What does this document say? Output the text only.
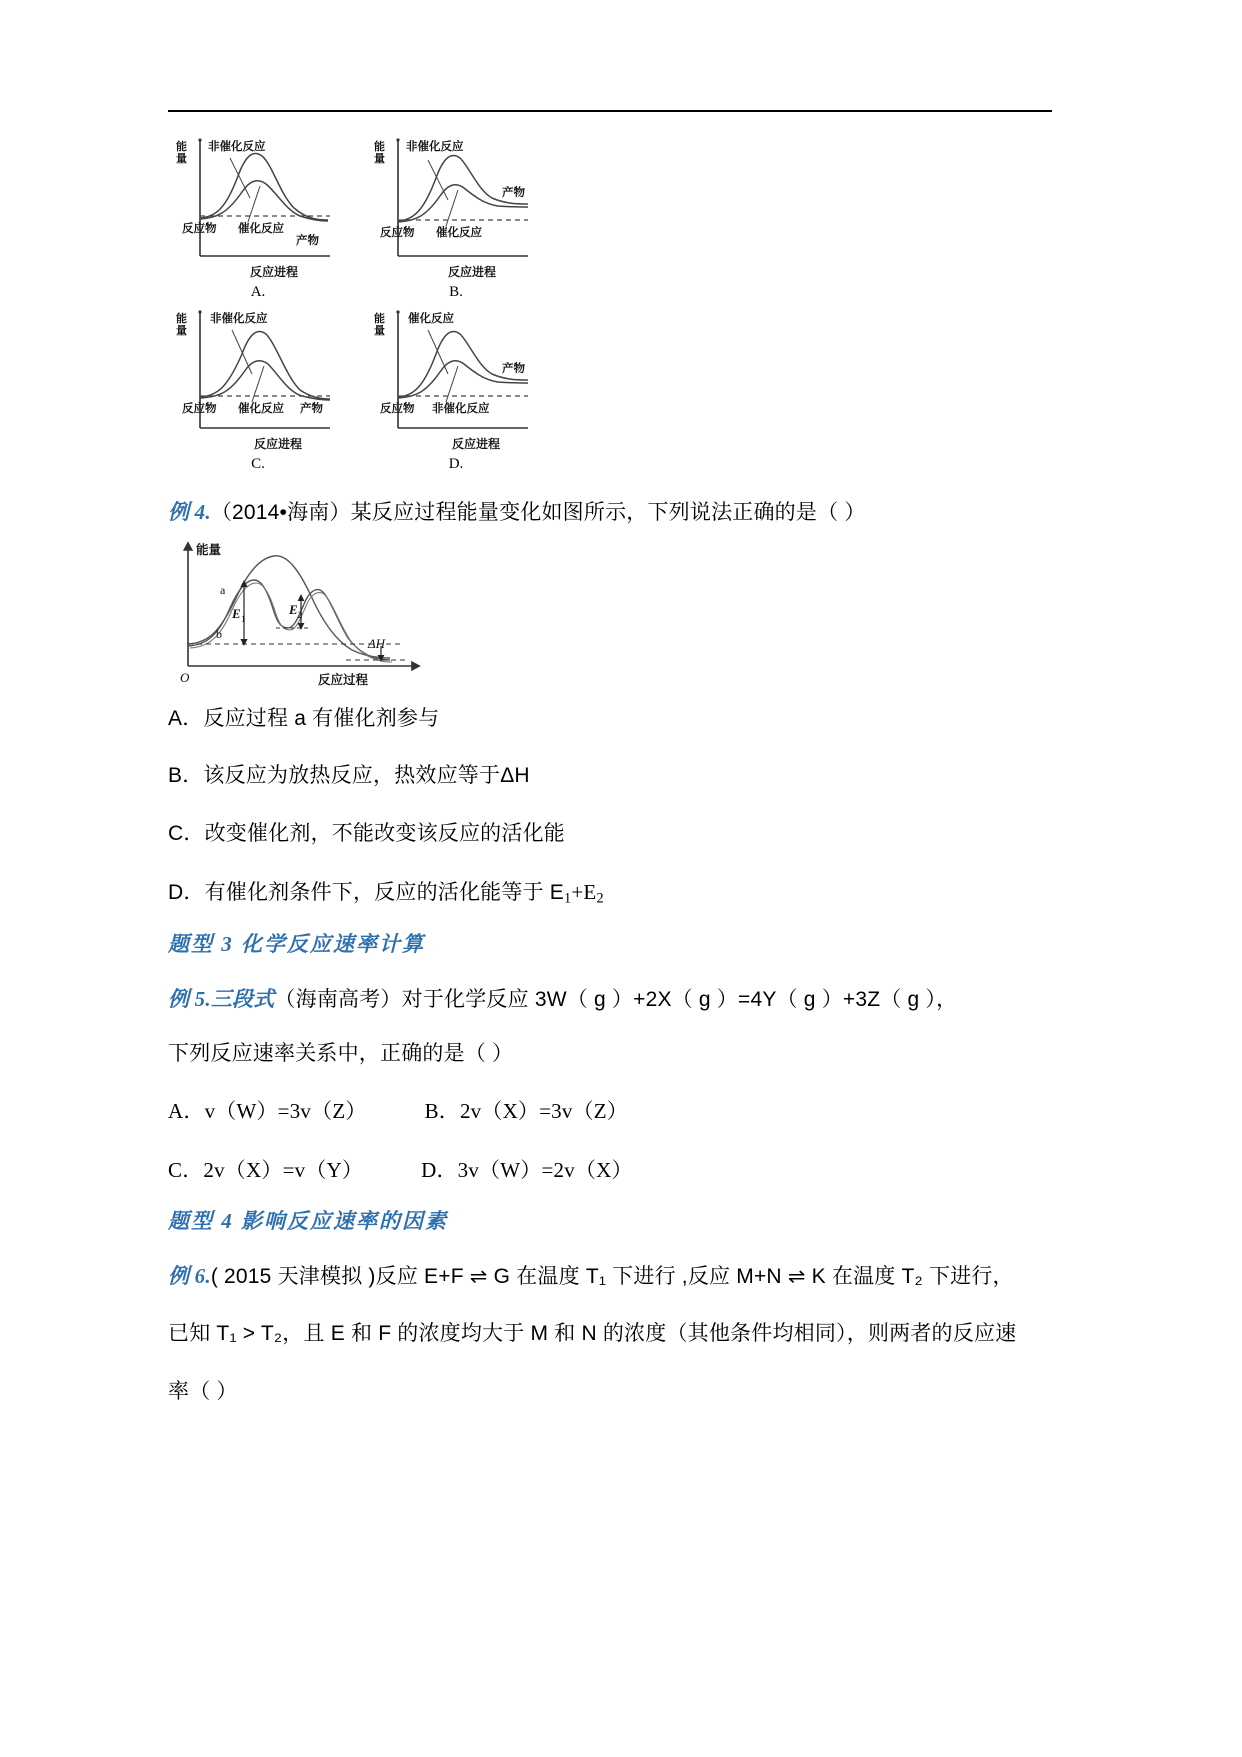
能
量
非催化反应
反应物 催化反应
产物
反应进程
A.
能
量
非催化反应
反应物 催化反应
产物
反应进程
B.
能
量
非催化反应
反应物 催化反应 产物
反应进程
C.
能
量
催化反应
反应物 非催化反应
产物
反应进程
D.
例 4.（2014•海南）某反应过程能量变化如图所示，下列说法正确的是（ ）
能量
a
b
E 1
E 2
ΔH
O	反应过程
A．反应过程 a 有催化剂参与
B．该反应为放热反应，热效应等于ΔH
C．改变催化剂，不能改变该反应的活化能
D．有催化剂条件下，反应的活化能等于 E1+E2
题型 3 化学反应速率计算
例 5.三段式（海南高考）对于化学反应 3W（ g ）+2X（ g ）=4Y（ g ）+3Z（ g ），
下列反应速率关系中，正确的是（ ）
A．v（W）=3v（Z）	B．2v（X）=3v（Z）
C．2v（X）=v（Y）	D．3v（W）=2v（X）
题型 4 影响反应速率的因素
例 6.( 2015 天津模拟 )反应 E+F ⇌ G 在温度 T₁ 下进行 ,反应 M+N ⇌ K 在温度 T₂ 下进行，
已知 T₁ > T₂，且 E 和 F 的浓度均大于 M 和 N 的浓度（其他条件均相同），则两者的反应速
率（ ）
